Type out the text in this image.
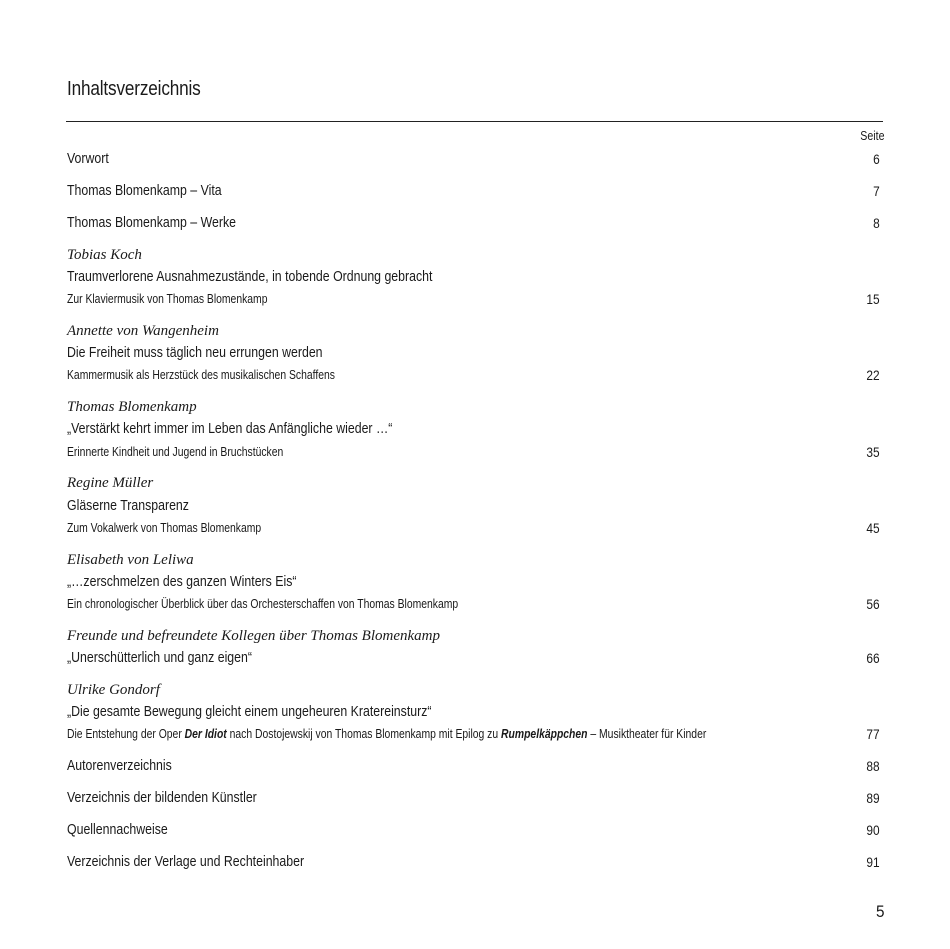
Inhaltsverzeichnis
Seite
Vorwort	6
Thomas Blomenkamp – Vita	7
Thomas Blomenkamp – Werke	8
Tobias Koch
Traumverlorene Ausnahmezustände, in tobende Ordnung gebracht
Zur Klaviermusik von Thomas Blomenkamp	15
Annette von Wangenheim
Die Freiheit muss täglich neu errungen werden
Kammermusik als Herzstück des musikalischen Schaffens	22
Thomas Blomenkamp
„Verstärkt kehrt immer im Leben das Anfängliche wieder …“
Erinnerte Kindheit und Jugend in Bruchstücken	35
Regine Müller
Gläserne Transparenz
Zum Vokalwerk von Thomas Blomenkamp	45
Elisabeth von Leliwa
„…zerschmelzen des ganzen Winters Eis“
Ein chronologischer Überblick über das Orchesterschaffen von Thomas Blomenkamp	56
Freunde und befreundete Kollegen über Thomas Blomenkamp
„Unerschütterlich und ganz eigen“	66
Ulrike Gondorf
„Die gesamte Bewegung gleicht einem ungeheuren Kratereinsturz“
Die Entstehung der Oper Der Idiot nach Dostojewskij von Thomas Blomenkamp mit Epilog zu Rumpelkäppchen – Musiktheater für Kinder	77
Autorenverzeichnis	88
Verzeichnis der bildenden Künstler	89
Quellennachweise	90
Verzeichnis der Verlage und Rechteinhaber	91
5
